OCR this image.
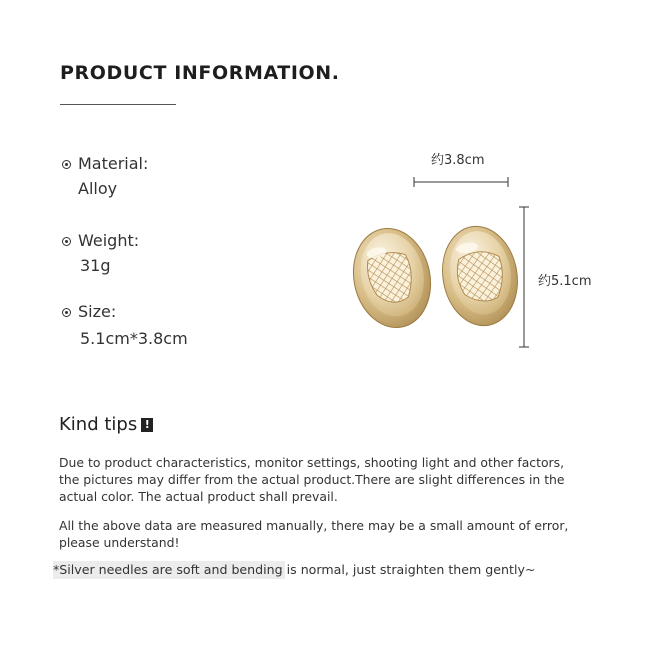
PRODUCT INFORMATION.
Material:
Alloy
Weight:
31g
Size:
5.1cm*3.8cm
约3.8cm
约5.1cm
Kind tips !
Due to product characteristics, monitor settings, shooting light and other factors, the pictures may differ from the actual product.There are slight differences in the actual color. The actual product shall prevail.
All the above data are measured manually, there may be a small amount of error, please understand!
*Silver needles are soft and bending is normal, just straighten them gently~
